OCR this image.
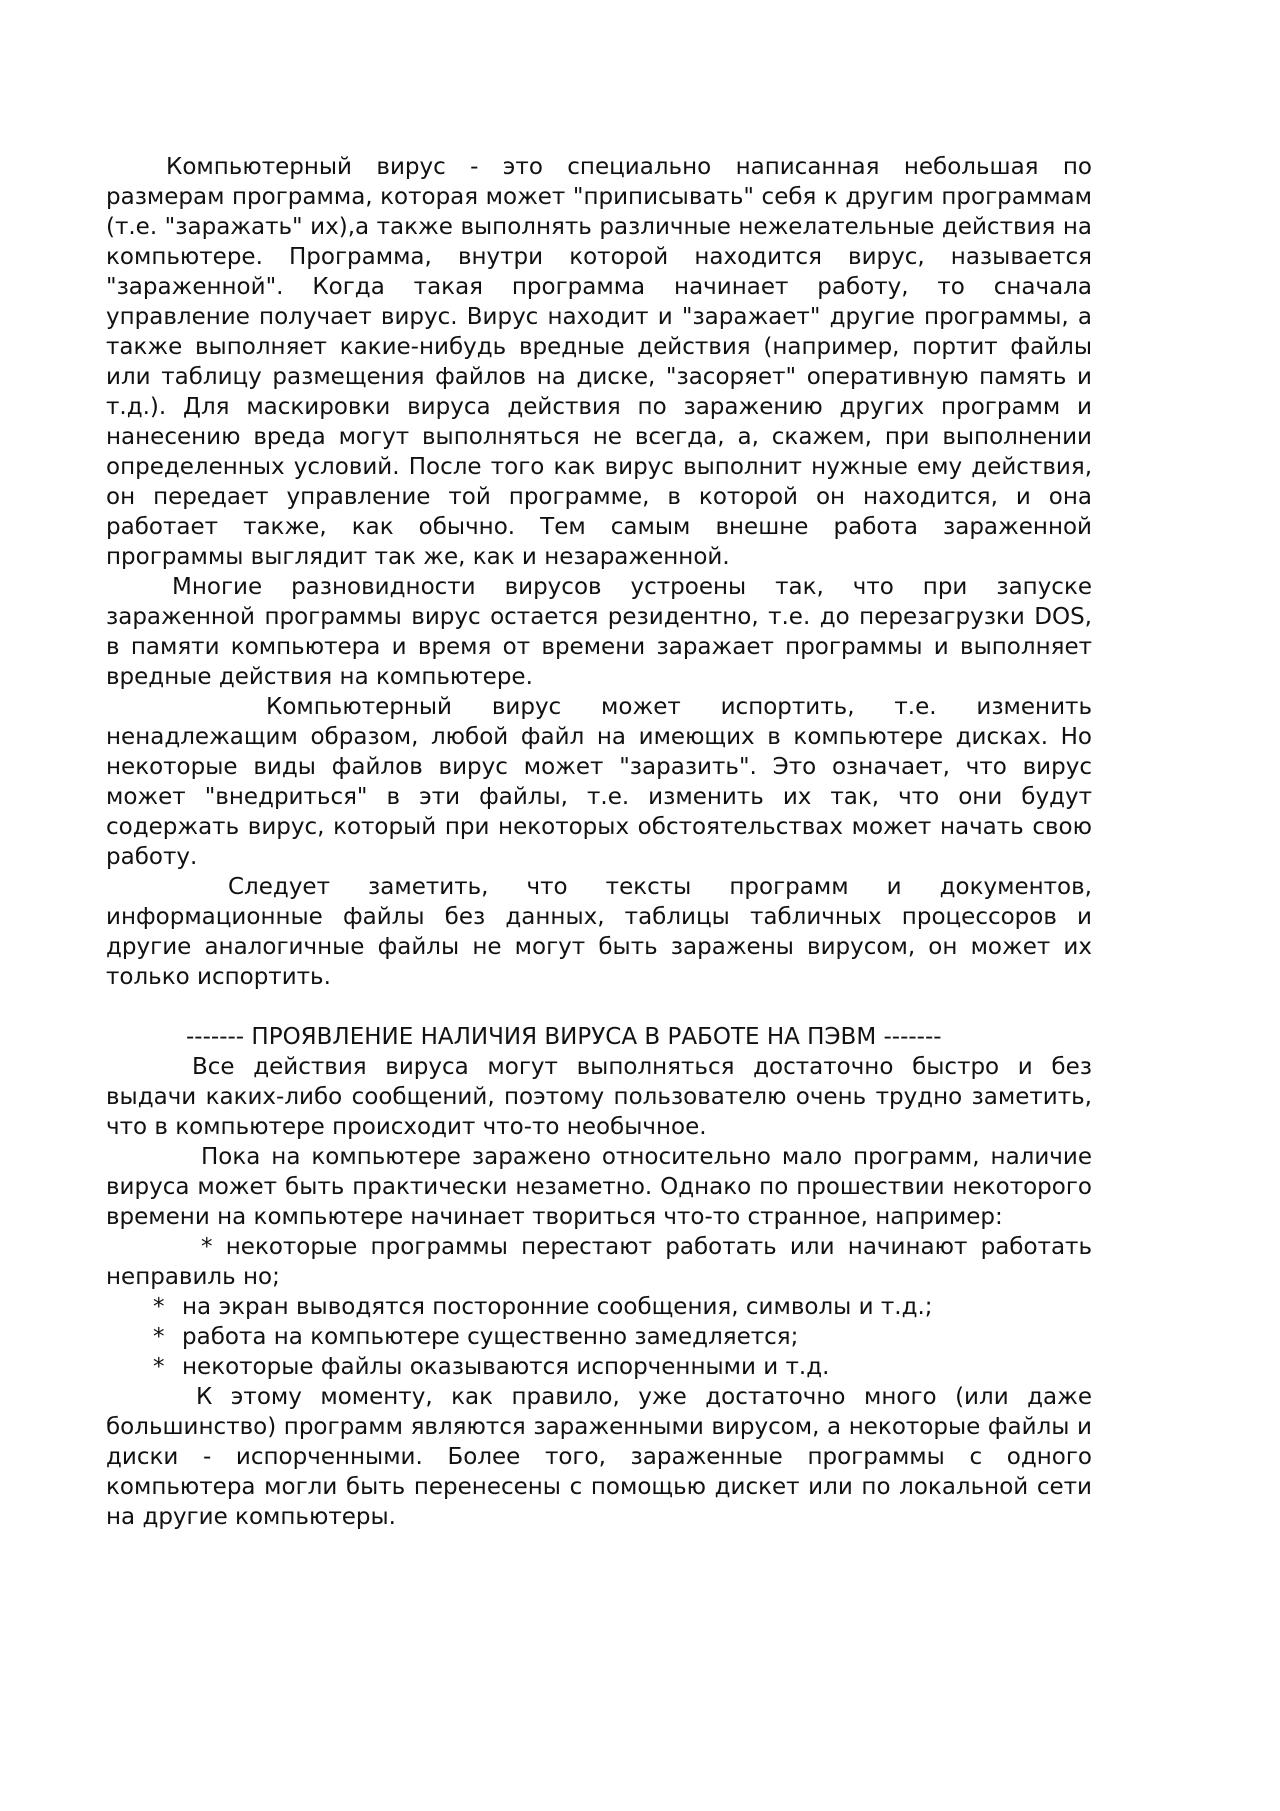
Компьютерный вирус - это специально написанная небольшая по размерам программа, которая может "приписывать" себя к другим программам (т.е. "заражать" их),а также выполнять различные нежелательные действия на компьютере. Программа, внутри которой находится вирус, называется "зараженной". Когда такая программа начинает работу, то сначала управление получает вирус. Вирус находит и "заражает" другие программы, а также выполняет какие-нибудь вредные действия (например, портит файлы или таблицу размещения файлов на диске, "засоряет" оперативную память и т.д.). Для маскировки вируса действия по заражению других программ и нанесению вреда могут выполняться не всегда, а, скажем, при выполнении определенных условий. После того как вирус выполнит нужные ему действия, он передает управление той программе, в которой он находится, и она работает также, как обычно. Тем самым внешне работа зараженной программы выглядит так же, как и незараженной.

Многие разновидности вирусов устроены так, что при запуске зараженной программы вирус остается резидентно, т.е. до перезагрузки DOS, в памяти компьютера и время от времени заражает программы и выполняет вредные действия на компьютере.

Компьютерный вирус может испортить, т.е. изменить ненадлежащим образом, любой файл на имеющих в компьютере дисках. Но некоторые виды файлов вирус может "заразить". Это означает, что вирус может "внедриться" в эти файлы, т.е. изменить их так, что они будут содержать вирус, который при некоторых обстоятельствах может начать свою работу.

Следует заметить, что тексты программ и документов, информационные файлы без данных, таблицы табличных процессоров и другие аналогичные файлы не могут быть заражены вирусом, он может их только испортить.

------- ПРОЯВЛЕНИЕ НАЛИЧИЯ ВИРУСА В РАБОТЕ НА ПЭВМ -------

Все действия вируса могут выполняться достаточно быстро и без выдачи каких-либо сообщений, поэтому пользователю очень трудно заметить, что в компьютере происходит что-то необычное.

Пока на компьютере заражено относительно мало программ, наличие вируса может быть практически незаметно. Однако по прошествии некоторого времени на компьютере начинает твориться что-то странное, например:

* некоторые программы перестают работать или начинают работать неправиль но;

* на экран выводятся посторонние сообщения, символы и т.д.;

* работа на компьютере существенно замедляется;

* некоторые файлы оказываются испорченными и т.д.

К этому моменту, как правило, уже достаточно много (или даже большинство) программ являются зараженными вирусом, а некоторые файлы и диски - испорченными. Более того, зараженные программы с одного компьютера могли быть перенесены с помощью дискет или по локальной сети на другие компьютеры.
